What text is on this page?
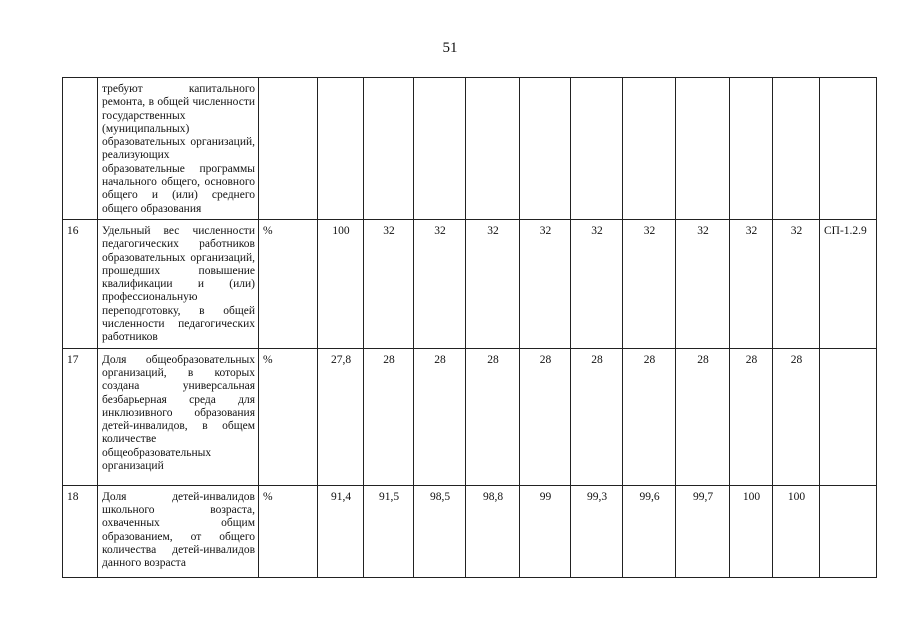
51
	требуют капитального ремонта, в общей численности государственных (муниципальных) образовательных организаций, реализующих образовательные программы начального общего, основного общего и (или) среднего общего образования												
16	Удельный вес численности педагогических работников образовательных организаций, прошедших повышение квалификации и (или) профессиональную переподготовку, в общей численности педагогических работников	%	100	32	32	32	32	32	32	32	32	32	СП-1.2.9
17	Доля общеобразовательных организаций, в которых создана универсальная безбарьерная среда для инклюзивного образования детей-инвалидов, в общем количестве общеобразовательных организаций	%	27,8	28	28	28	28	28	28	28	28	28	
18	Доля детей-инвалидов школьного возраста, охваченных общим образованием, от общего количества детей-инвалидов данного возраста	%	91,4	91,5	98,5	98,8	99	99,3	99,6	99,7	100	100	
